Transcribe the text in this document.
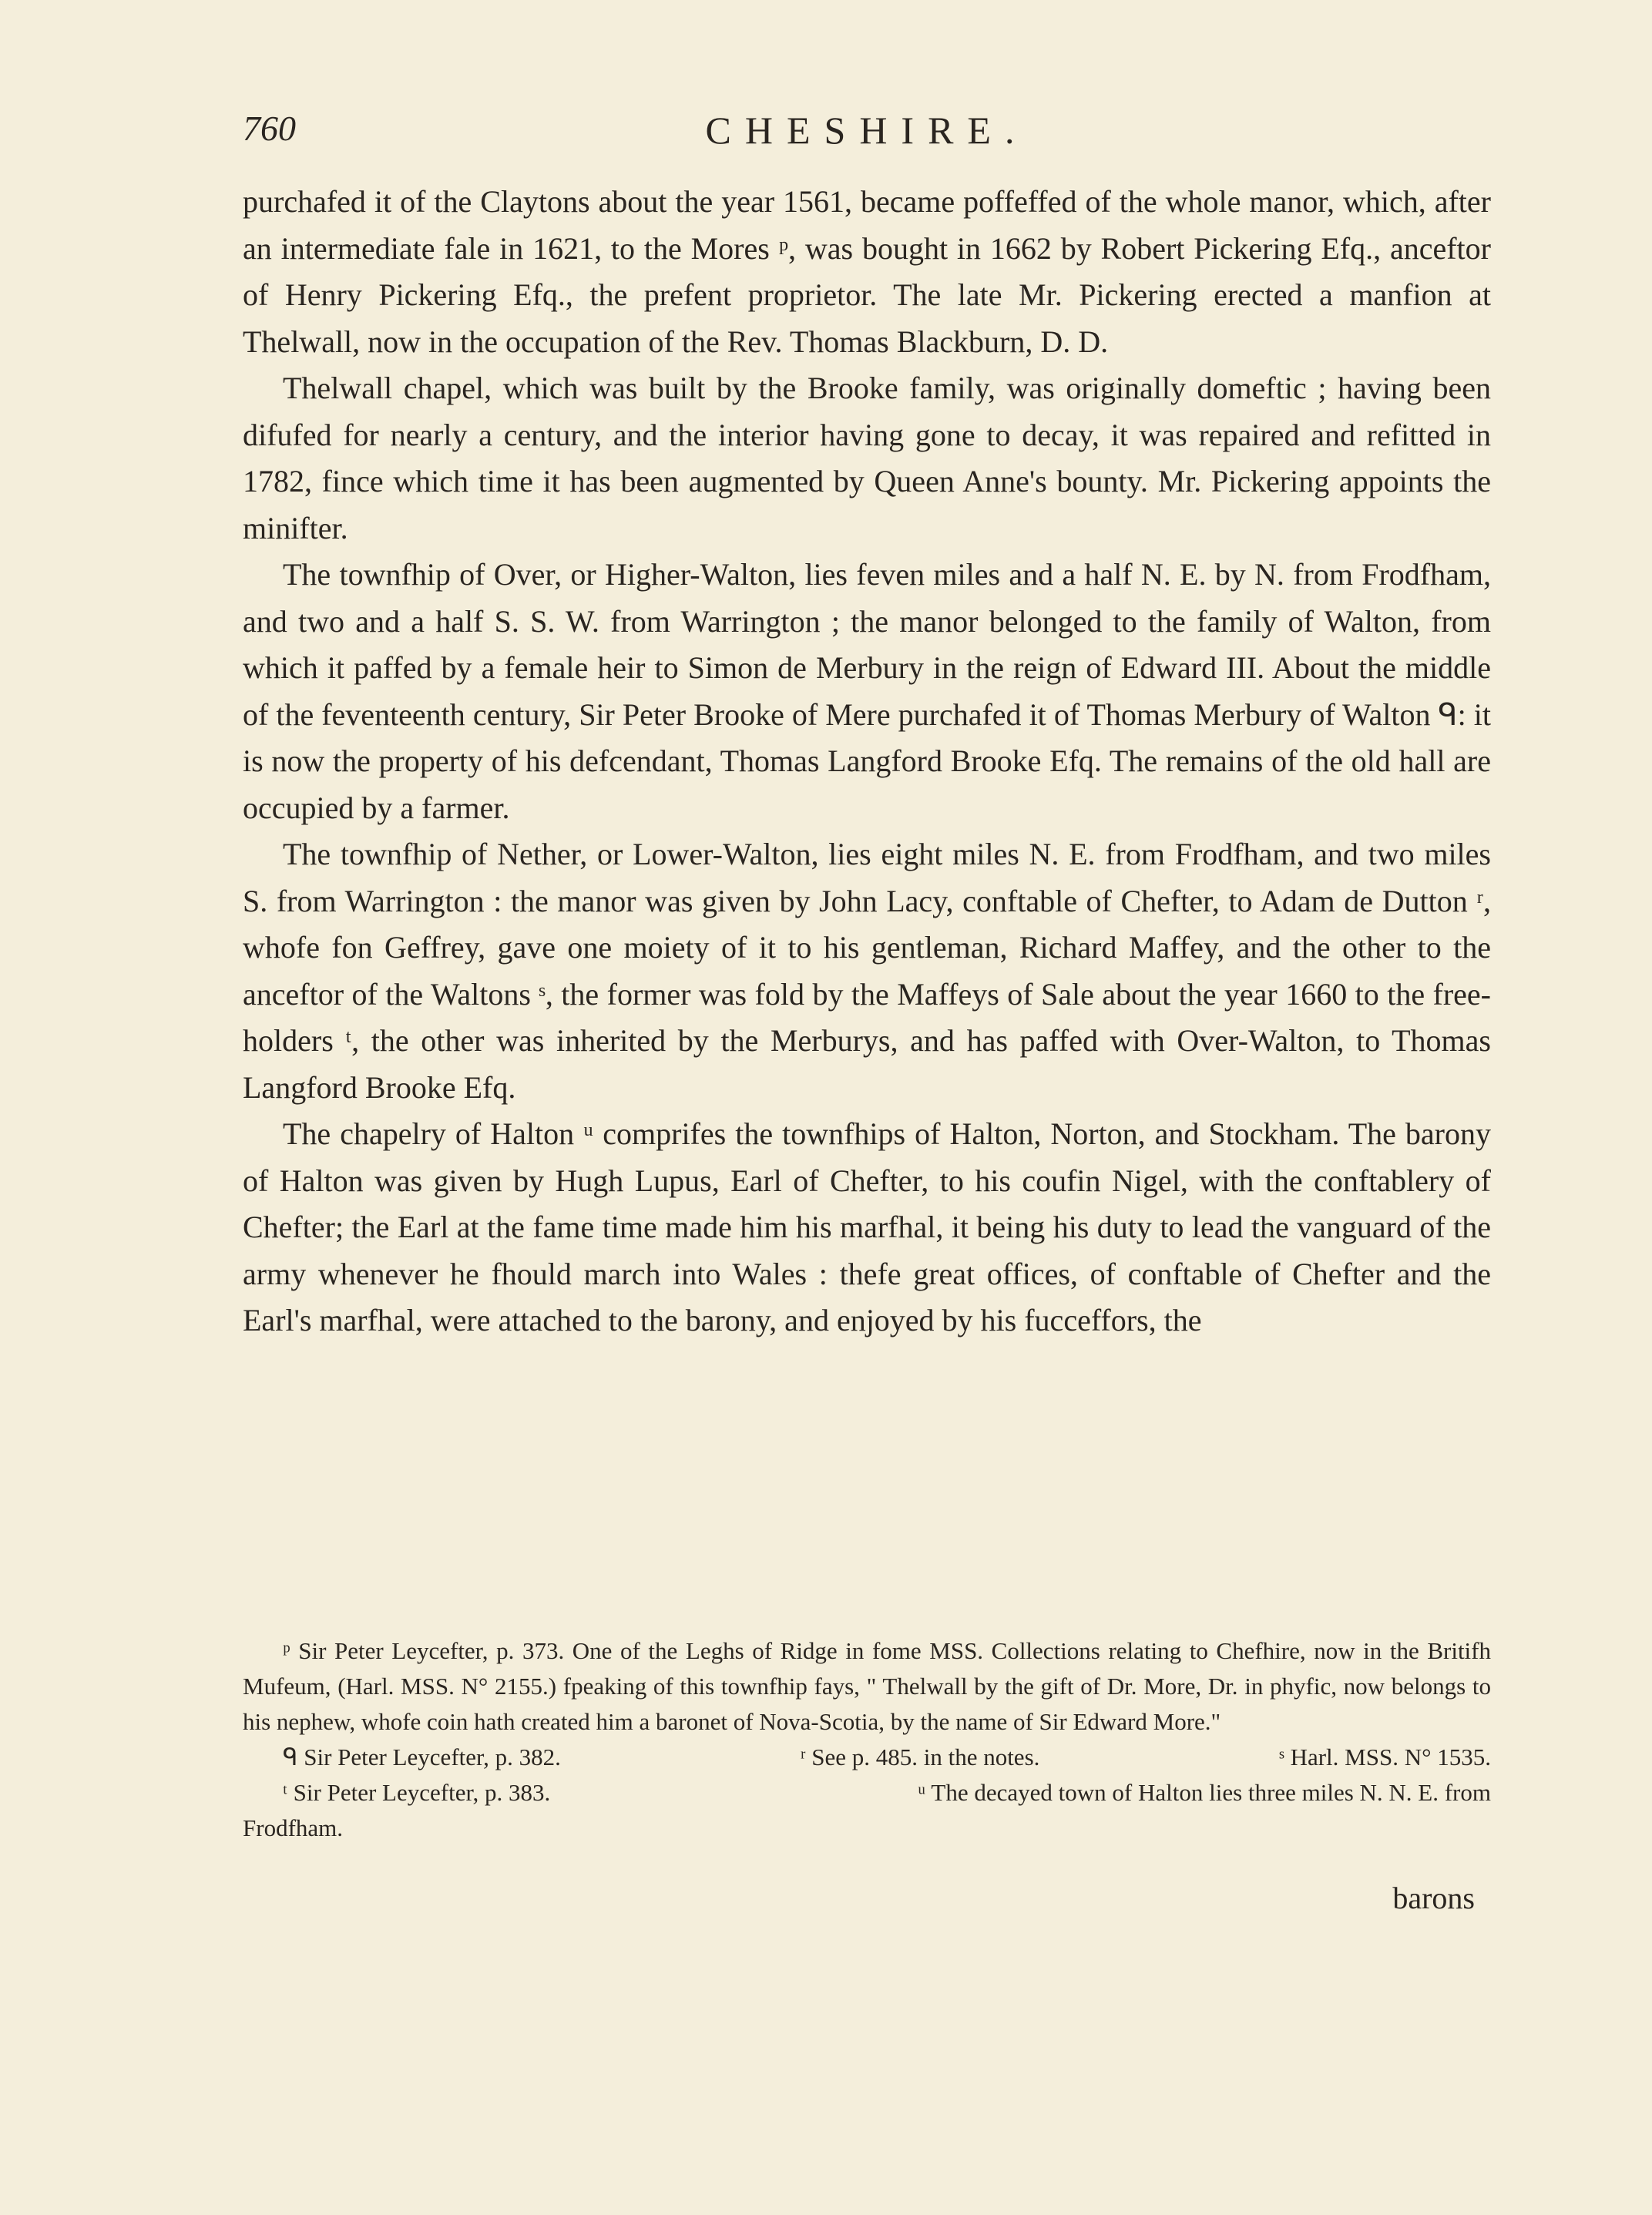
760	CHESHIRE.

purchafed it of the Claytons about the year 1561, became poffeffed of the whole manor, which, after an intermediate fale in 1621, to the Mores ᵖ, was bought in 1662 by Robert Pickering Efq., anceftor of Henry Pickering Efq., the prefent proprietor. The late Mr. Pickering erected a manfion at Thelwall, now in the occupation of the Rev. Thomas Blackburn, D. D.

Thelwall chapel, which was built by the Brooke family, was originally domeftic ; having been difufed for nearly a century, and the interior having gone to decay, it was repaired and refitted in 1782, fince which time it has been augmented by Queen Anne's bounty. Mr. Pickering appoints the minifter.

The townfhip of Over, or Higher-Walton, lies feven miles and a half N. E. by N. from Frodfham, and two and a half S. S. W. from Warrington ; the manor belonged to the family of Walton, from which it paffed by a female heir to Simon de Merbury in the reign of Edward III. About the middle of the feventeenth century, Sir Peter Brooke of Mere purchafed it of Thomas Merbury of Walton ᑫ: it is now the property of his defcendant, Thomas Langford Brooke Efq. The remains of the old hall are occupied by a farmer.

The townfhip of Nether, or Lower-Walton, lies eight miles N. E. from Frodfham, and two miles S. from Warrington : the manor was given by John Lacy, conftable of Chefter, to Adam de Dutton ʳ, whofe fon Geffrey, gave one moiety of it to his gentleman, Richard Maffey, and the other to the anceftor of the Waltons ˢ, the former was fold by the Maffeys of Sale about the year 1660 to the free-holders ᵗ, the other was inherited by the Merburys, and has paffed with Over-Walton, to Thomas Langford Brooke Efq.

The chapelry of Halton ᵘ comprifes the townfhips of Halton, Norton, and Stockham. The barony of Halton was given by Hugh Lupus, Earl of Chefter, to his coufin Nigel, with the conftablery of Chefter; the Earl at the fame time made him his marfhal, it being his duty to lead the vanguard of the army whenever he fhould march into Wales : thefe great offices, of conftable of Chefter and the Earl's marfhal, were attached to the barony, and enjoyed by his fucceffors, the

ᵖ Sir Peter Leycefter, p. 373. One of the Leghs of Ridge in fome MSS. Collections relating to Chefhire, now in the Britifh Mufeum, (Harl. MSS. N° 2155.) fpeaking of this townfhip fays, " Thelwall by the gift of Dr. More, Dr. in phyfic, now belongs to his nephew, whofe coin hath created him a baronet of Nova-Scotia, by the name of Sir Edward More."

ᑫ Sir Peter Leycefter, p. 382.	ʳ See p. 485. in the notes.	ˢ Harl. MSS. N° 1535.
ᵗ Sir Peter Leycefter, p. 383.	ᵘ The decayed town of Halton lies three miles N. N. E. from

Frodfham.

barons
